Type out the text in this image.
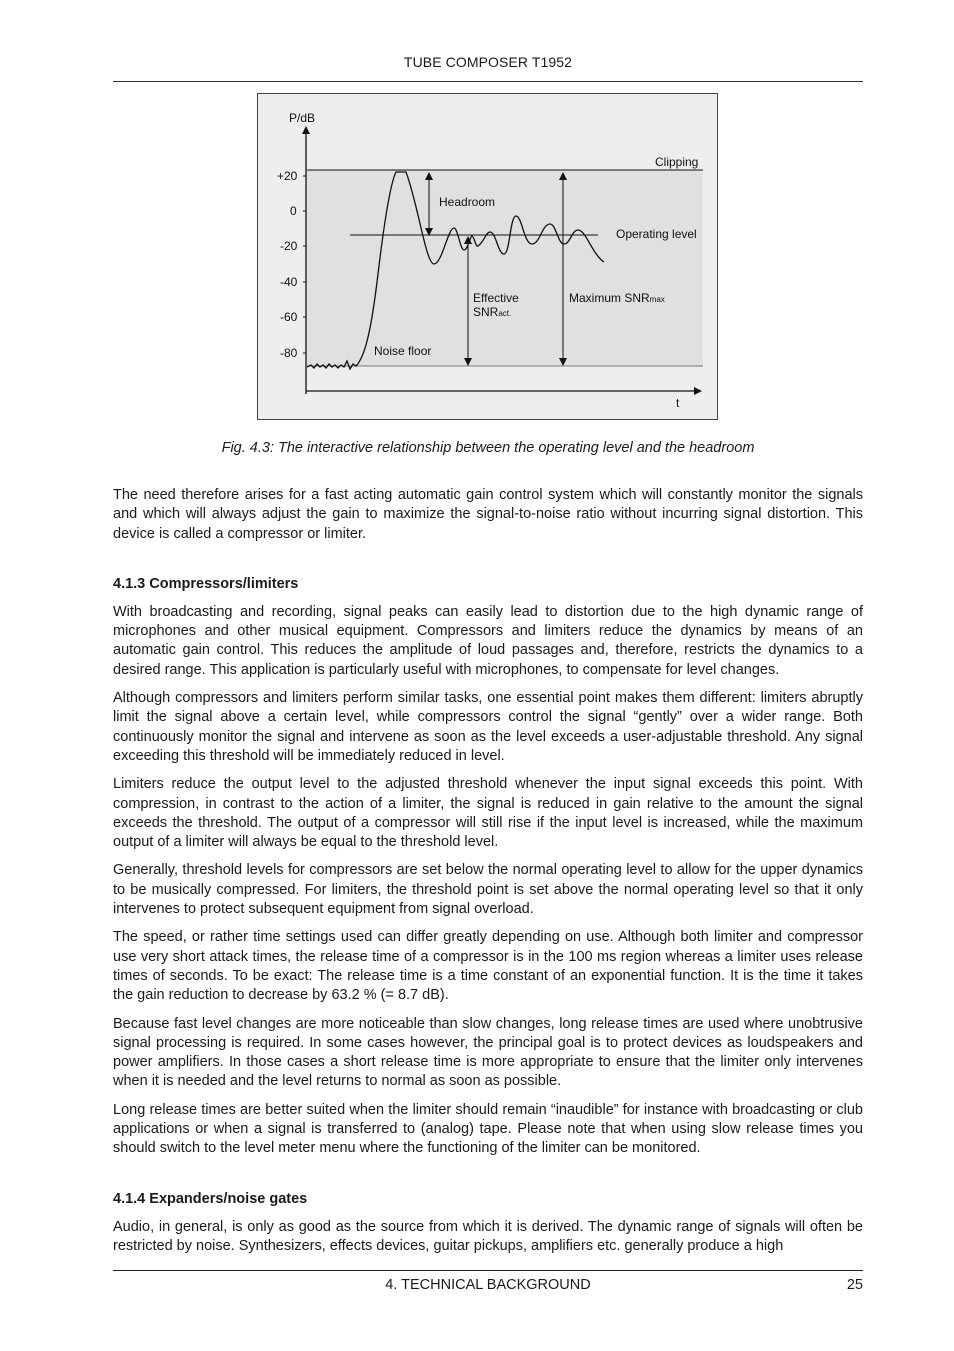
TUBE COMPOSER T1952
P/dB
t
+20
0
-20
-40
-60
-80
Clipping
Headroom
Operating level
Effective
SNRact.
Maximum SNRmax
Noise floor
Fig. 4.3: The interactive relationship between the operating level and the headroom

The need therefore arises for a fast acting automatic gain control system which will constantly monitor the signals and which will always adjust the gain to maximize the signal-to-noise ratio without incurring signal distortion. This device is called a compressor or limiter.

4.1.3 Compressors/limiters

With broadcasting and recording, signal peaks can easily lead to distortion due to the high dynamic range of microphones and other musical equipment. Compressors and limiters reduce the dynamics by means of an automatic gain control. This reduces the amplitude of loud passages and, therefore, restricts the dynamics to a desired range. This application is particularly useful with microphones, to compensate for level changes.

Although compressors and limiters perform similar tasks, one essential point makes them different: limiters abruptly limit the signal above a certain level, while compressors control the signal “gently” over a wider range. Both continuously monitor the signal and intervene as soon as the level exceeds a user-adjustable threshold. Any signal exceeding this threshold will be immediately reduced in level.

Limiters reduce the output level to the adjusted threshold whenever the input signal exceeds this point. With compression, in contrast to the action of a limiter, the signal is reduced in gain relative to the amount the signal exceeds the threshold. The output of a compressor will still rise if the input level is increased, while the maximum output of a limiter will always be equal to the threshold level.

Generally, threshold levels for compressors are set below the normal operating level to allow for the upper dynamics to be musically compressed. For limiters, the threshold point is set above the normal operating level so that it only intervenes to protect subsequent equipment from signal overload.

The speed, or rather time settings used can differ greatly depending on use. Although both limiter and compressor use very short attack times, the release time of a compressor is in the 100 ms region whereas a limiter uses release times of seconds. To be exact: The release time is a time constant of an exponential function. It is the time it takes the gain reduction to decrease by 63.2 % (= 8.7 dB).

Because fast level changes are more noticeable than slow changes, long release times are used where unobtrusive signal processing is required. In some cases however, the principal goal is to protect devices as loudspeakers and power amplifiers. In those cases a short release time is more appropriate to ensure that the limiter only intervenes when it is needed and the level returns to normal as soon as possible.

Long release times are better suited when the limiter should remain “inaudible” for instance with broadcasting or club applications or when a signal is transferred to (analog) tape. Please note that when using slow release times you should switch to the level meter menu where the functioning of the limiter can be monitored.

4.1.4 Expanders/noise gates

Audio, in general, is only as good as the source from which it is derived. The dynamic range of signals will often be restricted by noise. Synthesizers, effects devices, guitar pickups, amplifiers etc. generally produce a high

4. TECHNICAL BACKGROUND	25
